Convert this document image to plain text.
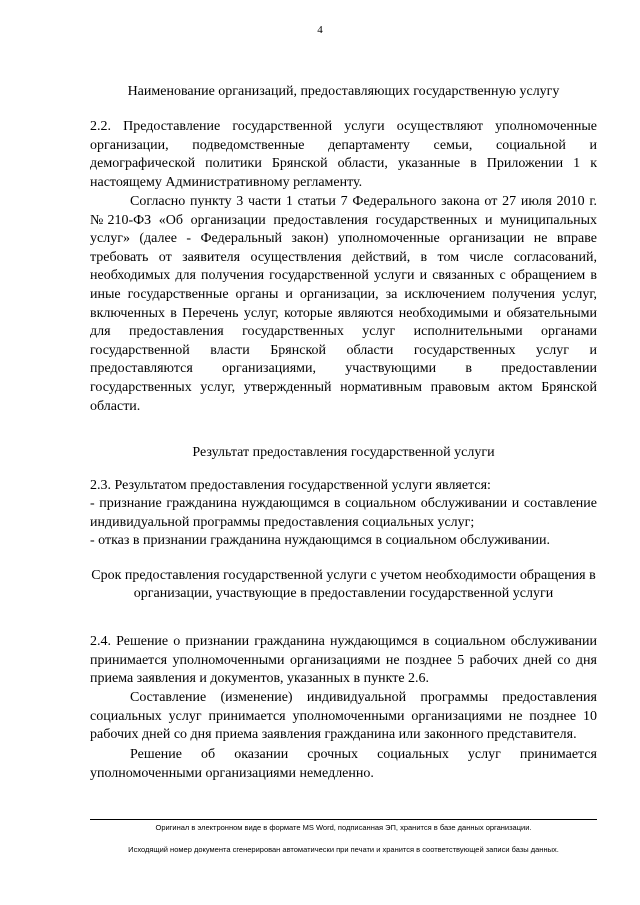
4
Наименование организаций, предоставляющих государственную услугу
2.2. Предоставление государственной услуги осуществляют уполномоченные организации, подведомственные департаменту семьи, социальной и демографической политики Брянской области, указанные в Приложении 1 к настоящему Административному регламенту.
Согласно пункту 3 части 1 статьи 7 Федерального закона от 27 июля 2010 г. №210-ФЗ «Об организации предоставления государственных и муниципальных услуг» (далее - Федеральный закон) уполномоченные организации не вправе требовать от заявителя осуществления действий, в том числе согласований, необходимых для получения государственной услуги и связанных с обращением в иные государственные органы и организации, за исключением получения услуг, включенных в Перечень услуг, которые являются необходимыми и обязательными для предоставления государственных услуг исполнительными органами государственной власти Брянской области государственных услуг и предоставляются организациями, участвующими в предоставлении государственных услуг, утвержденный нормативным правовым актом Брянской области.
Результат предоставления государственной услуги
2.3. Результатом предоставления государственной услуги является:
- признание гражданина нуждающимся в социальном обслуживании и составление индивидуальной программы предоставления социальных услуг;
- отказ в признании гражданина нуждающимся в социальном обслуживании.
Срок предоставления государственной услуги с учетом необходимости обращения в организации, участвующие в предоставлении государственной услуги
2.4. Решение о признании гражданина нуждающимся в социальном обслуживании принимается уполномоченными организациями не позднее 5 рабочих дней со дня приема заявления и документов, указанных в пункте 2.6.
Составление (изменение) индивидуальной программы предоставления социальных услуг принимается уполномоченными организациями не позднее 10 рабочих дней со дня приема заявления гражданина или законного представителя.
Решение об оказании срочных социальных услуг принимается уполномоченными организациями немедленно.
Оригинал в электронном виде в формате MS Word, подписанная ЭП, хранится в базе данных организации.
Исходящий номер документа сгенерирован автоматически при печати и хранится в соответствующей записи базы данных.
